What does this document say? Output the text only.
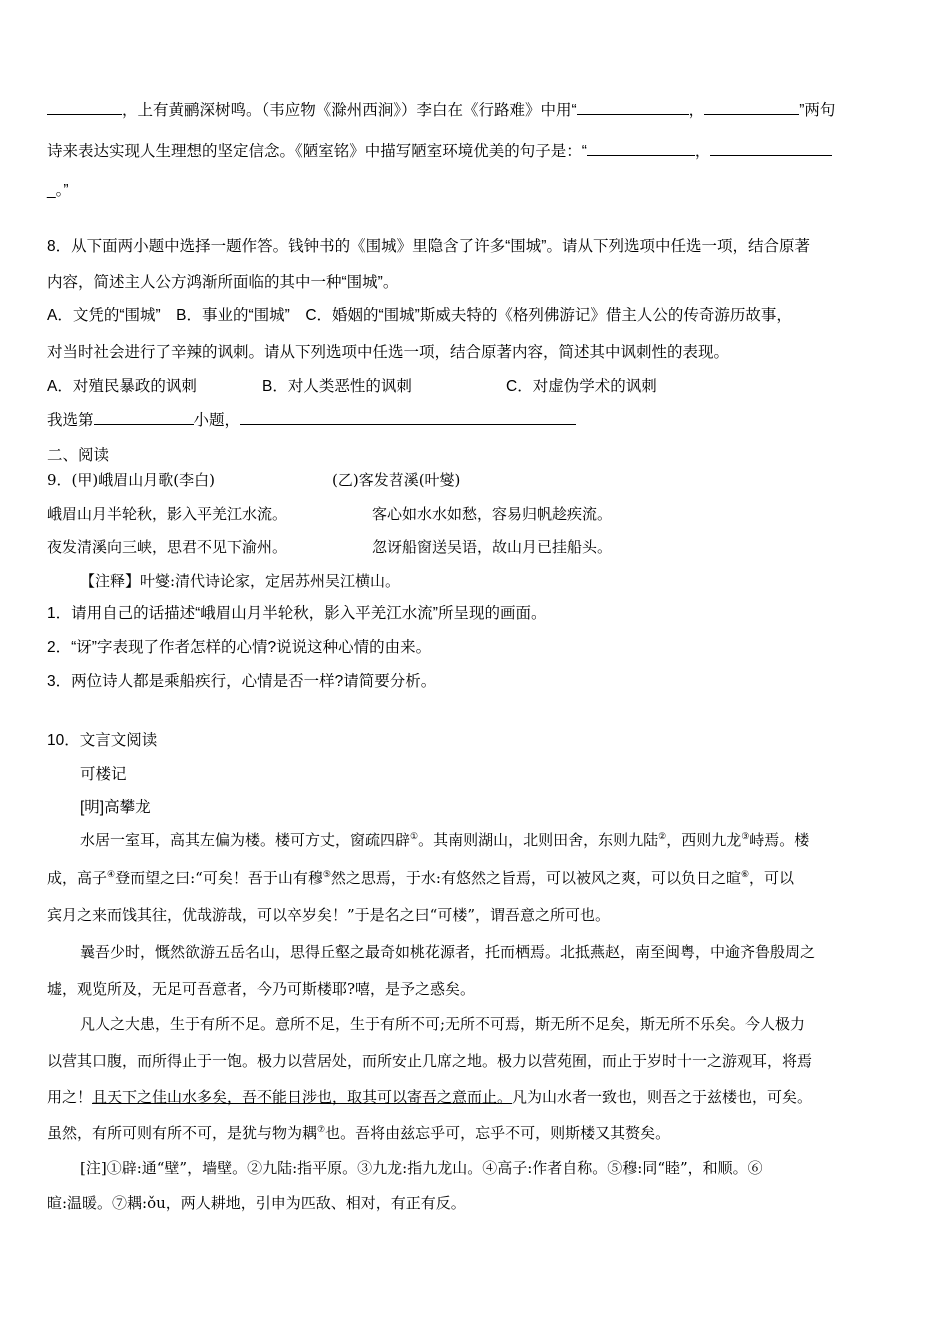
，上有黄鹂深树鸣。（韦应物《滁州西涧》）李白在《行路难》中用“	，	”两句
诗来表达实现人生理想的坚定信念。《陋室铭》中描写陋室环境优美的句子是：“	，
_。”
8．从下面两小题中选择一题作答。钱钟书的《围城》里隐含了许多“围城”。请从下列选项中任选一项，结合原著
内容，简述主人公方鸿渐所面临的其中一种“围城”。
A．文凭的“围城”　B．事业的“围城”　C．婚姻的“围城”斯威夫特的《格列佛游记》借主人公的传奇游历故事，
对当时社会进行了辛辣的讽刺。请从下列选项中任选一项，结合原著内容，简述其中讽刺性的表现。
A．对殖民暴政的讽刺	B．对人类恶性的讽刺	C．对虚伪学术的讽刺
我选第	小题，
二、阅读
9．(甲)峨眉山月歌(李白)	(乙)客发苕溪(叶燮)
峨眉山月半轮秋，影入平羌江水流。	客心如水水如愁，容易归帆趁疾流。
夜发清溪向三峡，思君不见下渝州。	忽讶船窗送吴语，故山月已挂船头。
【注释】叶燮:清代诗论家，定居苏州吴江横山。
1．请用自己的话描述“峨眉山月半轮秋，影入平羌江水流”所呈现的画面。
2．“讶”字表现了作者怎样的心情?说说这种心情的由来。
3．两位诗人都是乘船疾行，心情是否一样?请简要分析。
10．文言文阅读
可楼记
[明]高攀龙
水居一室耳，高其左偏为楼。楼可方丈，窗疏四辟①。其南则湖山，北则田舍，东则九陆②，西则九龙③峙焉。楼
成，高子④登而望之曰:“可矣！吾于山有穆⑤然之思焉，于水:有悠然之旨焉，可以被风之爽，可以负日之暄⑥，可以
宾月之来而饯其往，优哉游哉，可以卒岁矣！”于是名之曰“可楼”，谓吾意之所可也。
曩吾少时，慨然欲游五岳名山，思得丘壑之最奇如桃花源者，托而栖焉。北抵燕赵，南至闽粤，中逾齐鲁殷周之
墟，观览所及，无足可吾意者，今乃可斯楼耶?嘻，是予之惑矣。
凡人之大患，生于有所不足。意所不足，生于有所不可;无所不可焉，斯无所不足矣，斯无所不乐矣。今人极力
以营其口腹，而所得止于一饱。极力以营居处，而所安止几席之地。极力以营苑囿，而止于岁时十一之游观耳，将焉
用之！且天下之佳山水多矣，吾不能日涉也，取其可以寄吾之意而止。凡为山水者一致也，则吾之于兹楼也，可矣。
虽然，有所可则有所不可，是犹与物为耦⑦也。吾将由兹忘乎可，忘乎不可，则斯楼又其赘矣。
[注]①辟:通“壁”，墙壁。②九陆:指平原。③九龙:指九龙山。④高子:作者自称。⑤穆:同“睦”，和顺。⑥
暄:温暖。⑦耦:ǒu，两人耕地，引申为匹敌、相对，有正有反。
